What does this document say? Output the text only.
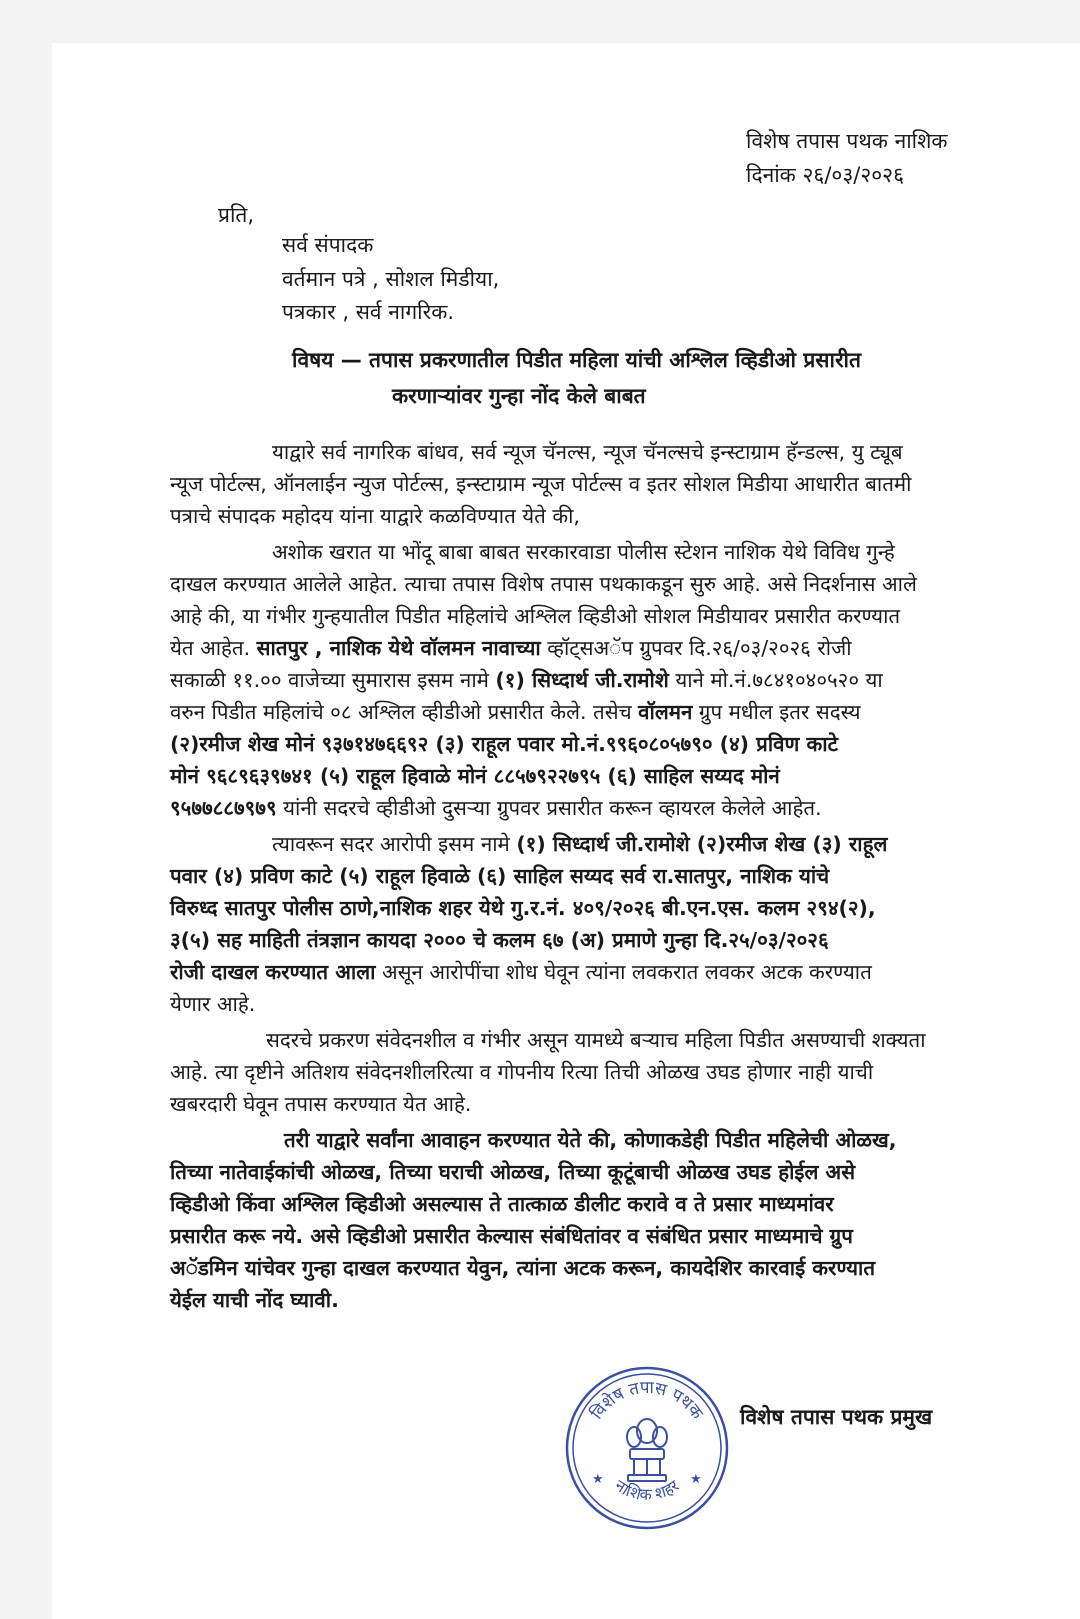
विशेष तपास पथक नाशिक
दिनांक २६/०३/२०२६
प्रति,
सर्व संपादक
वर्तमान पत्रे , सोशल मिडीया,
पत्रकार , सर्व नागरिक.
विषय — तपास प्रकरणातील पिडीत महिला यांची अश्लिल व्हिडीओ प्रसारीत
करणाऱ्यांवर गुन्हा नोंद केले बाबत
याद्वारे सर्व नागरिक बांधव, सर्व न्यूज चॅनल्स, न्यूज चॅनल्सचे इन्स्टाग्राम हॅन्डल्स, यु ट्यूब
न्यूज पोर्टल्स, ऑनलाईन न्युज पोर्टल्स, इन्स्टाग्राम न्यूज पोर्टल्स व इतर सोशल मिडीया आधारीत बातमी
पत्राचे संपादक महोदय यांना याद्वारे कळविण्यात येते की,
अशोक खरात या भोंदू बाबा बाबत सरकारवाडा पोलीस स्टेशन नाशिक येथे विविध गुन्हे
दाखल करण्यात आलेले आहेत. त्याचा तपास विशेष तपास पथकाकडून सुरु आहे. असे निदर्शनास आले
आहे की, या गंभीर गुन्हयातील पिडीत महिलांचे अश्लिल व्हिडीओ सोशल मिडीयावर प्रसारीत करण्यात
येत आहेत. सातपुर , नाशिक येथे वॉलमन नावाच्या व्हॉट्सअॅप ग्रुपवर दि.२६/०३/२०२६ रोजी
सकाळी ११.०० वाजेच्या सुमारास इसम नामे (१) सिध्दार्थ जी.रामोशे याने मो.नं.७८४१०४०५२० या
वरुन पिडीत महिलांचे ०८ अश्लिल व्हीडीओ प्रसारीत केले. तसेच वॉलमन ग्रुप मधील इतर सदस्य
(२)रमीज शेख मोनं ९३७१४७६६९२ (३) राहूल पवार मो.नं.९९६०८०५७९० (४) प्रविण काटे
मोनं ९६८९६३९७४१ (५) राहूल हिवाळे मोनं ८८५७९२२७९५ (६) साहिल सय्यद मोनं
९५७७८८७९७९ यांनी सदरचे व्हीडीओ दुसऱ्या ग्रुपवर प्रसारीत करून व्हायरल केलेले आहेत.
त्यावरून सदर आरोपी इसम नामे (१) सिध्दार्थ जी.रामोशे (२)रमीज शेख (३) राहूल
पवार (४) प्रविण काटे (५) राहूल हिवाळे (६) साहिल सय्यद सर्व रा.सातपुर, नाशिक यांचे
विरुध्द सातपुर पोलीस ठाणे,नाशिक शहर येथे गु.र.नं. ४०९/२०२६ बी.एन.एस. कलम २९४(२),
३(५) सह माहिती तंत्रज्ञान कायदा २००० चे कलम ६७ (अ) प्रमाणे गुन्हा दि.२५/०३/२०२६
रोजी दाखल करण्यात आला असून आरोपींचा शोध घेवून त्यांना लवकरात लवकर अटक करण्यात
येणार आहे.
सदरचे प्रकरण संवेदनशील व गंभीर असून यामध्ये बऱ्याच महिला पिडीत असण्याची शक्यता
आहे. त्या दृष्टीने अतिशय संवेदनशीलरित्या व गोपनीय रित्या तिची ओळख उघड होणार नाही याची
खबरदारी घेवून तपास करण्यात येत आहे.
तरी याद्वारे सर्वांना आवाहन करण्यात येते की, कोणाकडेही पिडीत महिलेची ओळख,
तिच्या नातेवाईकांची ओळख, तिच्या घराची ओळख, तिच्या कूटूंबाची ओळख उघड होईल असे
व्हिडीओ किंवा अश्लिल व्हिडीओ असल्यास ते तात्काळ डीलीट करावे व ते प्रसार माध्यमांवर
प्रसारीत करू नये. असे व्हिडीओ प्रसारीत केल्यास संबंधितांवर व संबंधित प्रसार माध्यमाचे ग्रुप
अॅडमिन यांचेवर गुन्हा दाखल करण्यात येवुन, त्यांना अटक करून, कायदेशिर कारवाई करण्यात
येईल याची नोंद घ्यावी.
विशेष तपास पथक
नाशिक शहर
★	★
विशेष तपास पथक प्रमुख
